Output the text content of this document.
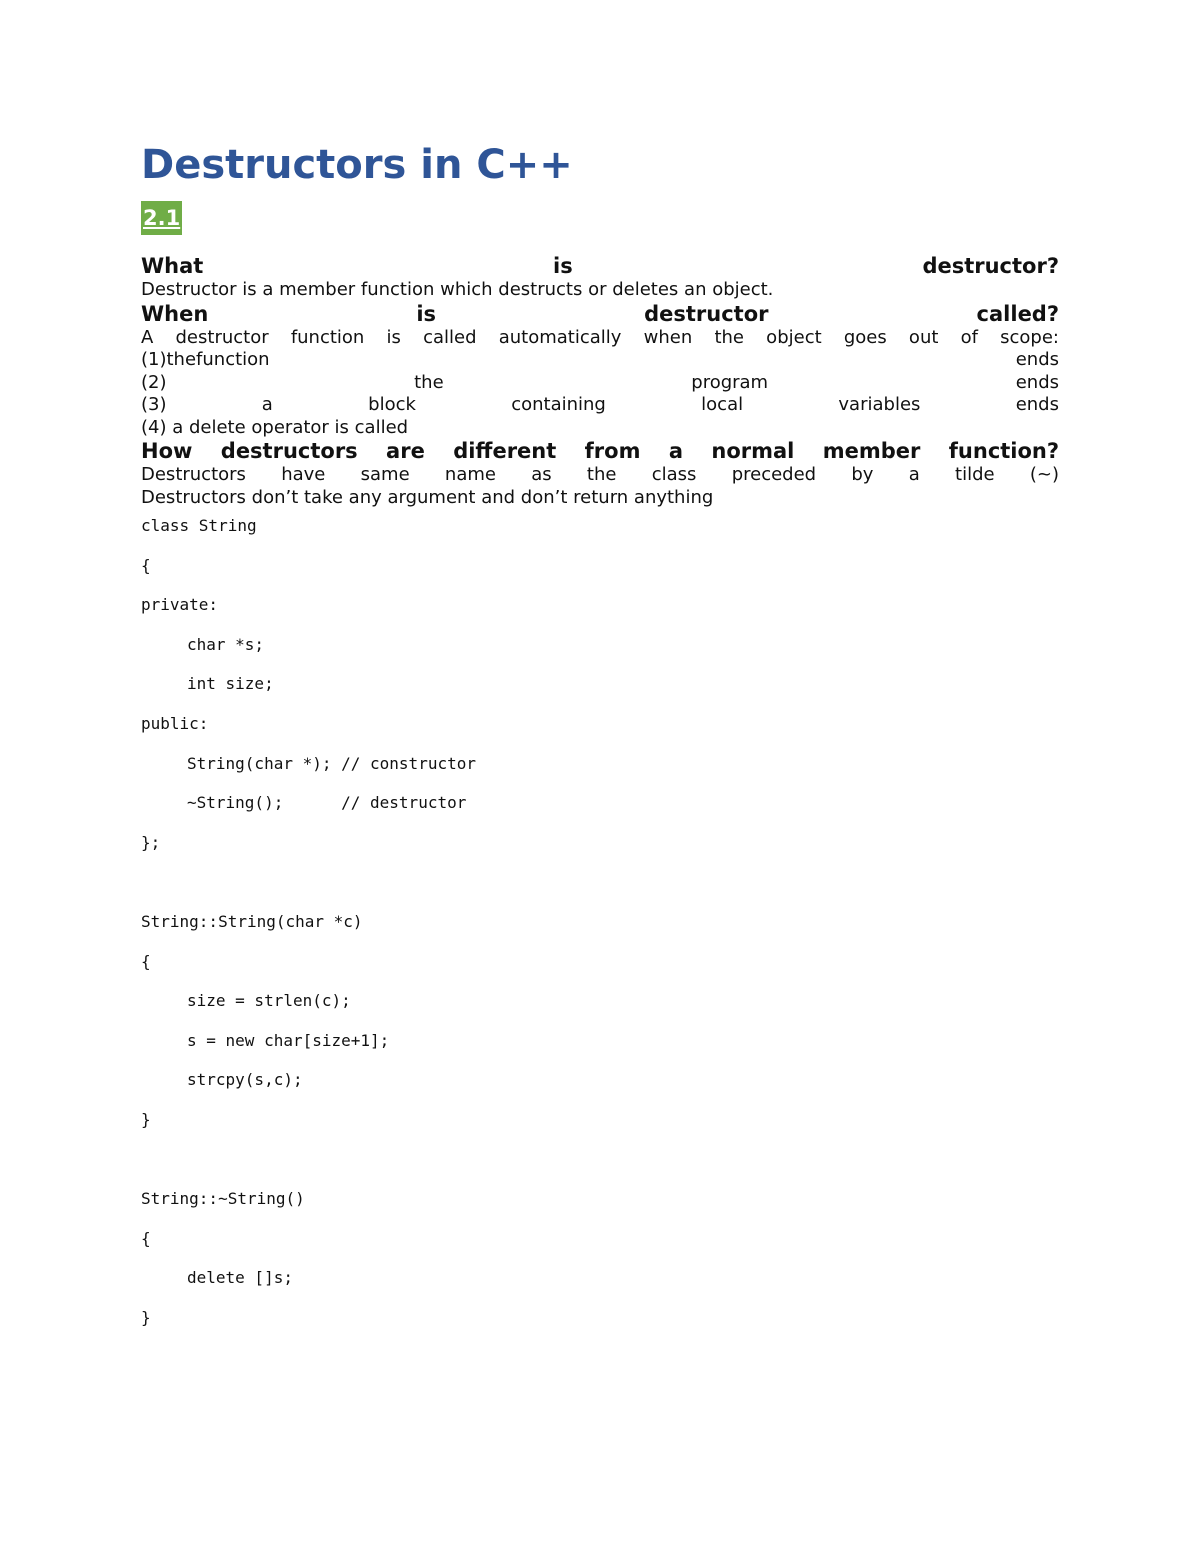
Destructors in C++
2.1
What	is	destructor?
Destructor is a member function which destructs or deletes an object.
When	is	destructor	called?
A destructor function is called automatically when the object goes out of scope:
(1)thefunction ends
(2) the program ends
(3) a block containing local variables ends
(4) a delete operator is called
How destructors are different from a normal member function?
Destructors have same name as the class preceded by a tilde (~)
Destructors don’t take any argument and don’t return anything
class String
{
private:
char *s;
int size;
public:
String(char *); // constructor
~String();      // destructor
};
String::String(char *c)
{
size = strlen(c);
s = new char[size+1];
strcpy(s,c);
}
String::~String()
{
delete []s;
}
